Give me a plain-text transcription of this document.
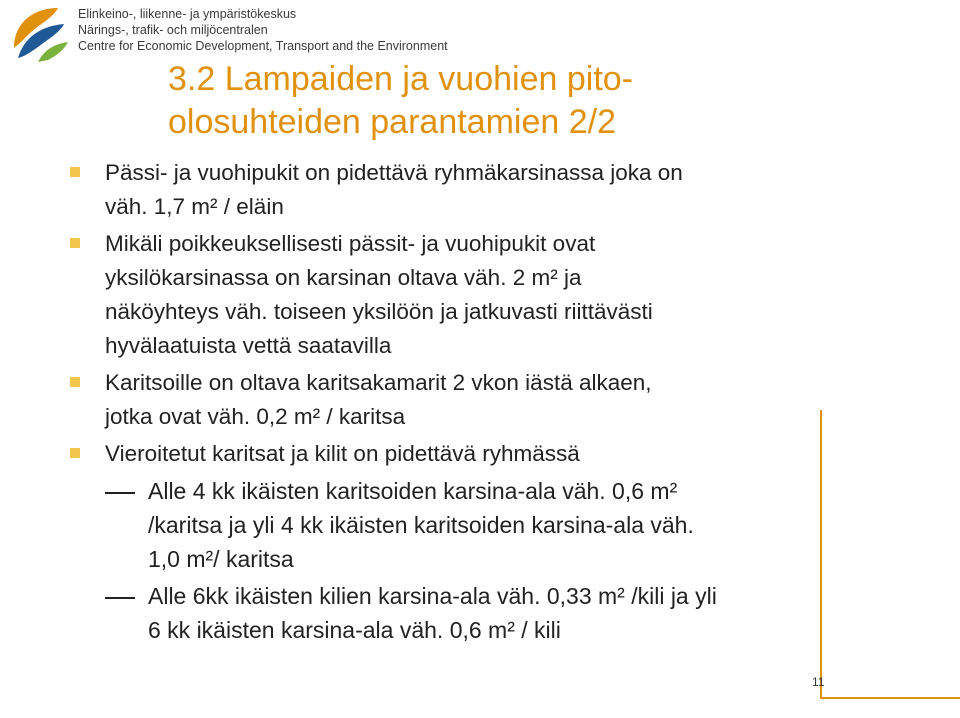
Elinkeino-, liikenne- ja ympäristökeskus
Närings-, trafik- och miljöcentralen
Centre for Economic Development, Transport and the Environment
3.2 Lampaiden ja vuohien pito-
olosuhteiden parantamien 2/2
Pässi- ja vuohipukit on pidettävä ryhmäkarsinassa joka on
väh. 1,7 m² / eläin
Mikäli poikkeuksellisesti pässit- ja vuohipukit ovat
yksilökarsinassa on karsinan oltava väh. 2 m² ja
näköyhteys väh. toiseen yksilöön ja jatkuvasti riittävästi
hyvälaatuista vettä saatavilla
Karitsoille on oltava karitsakamarit 2 vkon iästä alkaen,
jotka ovat väh. 0,2 m² / karitsa
Vieroitetut karitsat ja kilit on pidettävä ryhmässä
Alle 4 kk ikäisten karitsoiden karsina-ala väh. 0,6 m²
/karitsa ja yli 4 kk ikäisten karitsoiden karsina-ala väh.
1,0 m²/ karitsa
Alle 6kk ikäisten kilien karsina-ala väh. 0,33 m² /kili ja yli
6 kk ikäisten karsina-ala väh. 0,6 m² / kili
11
